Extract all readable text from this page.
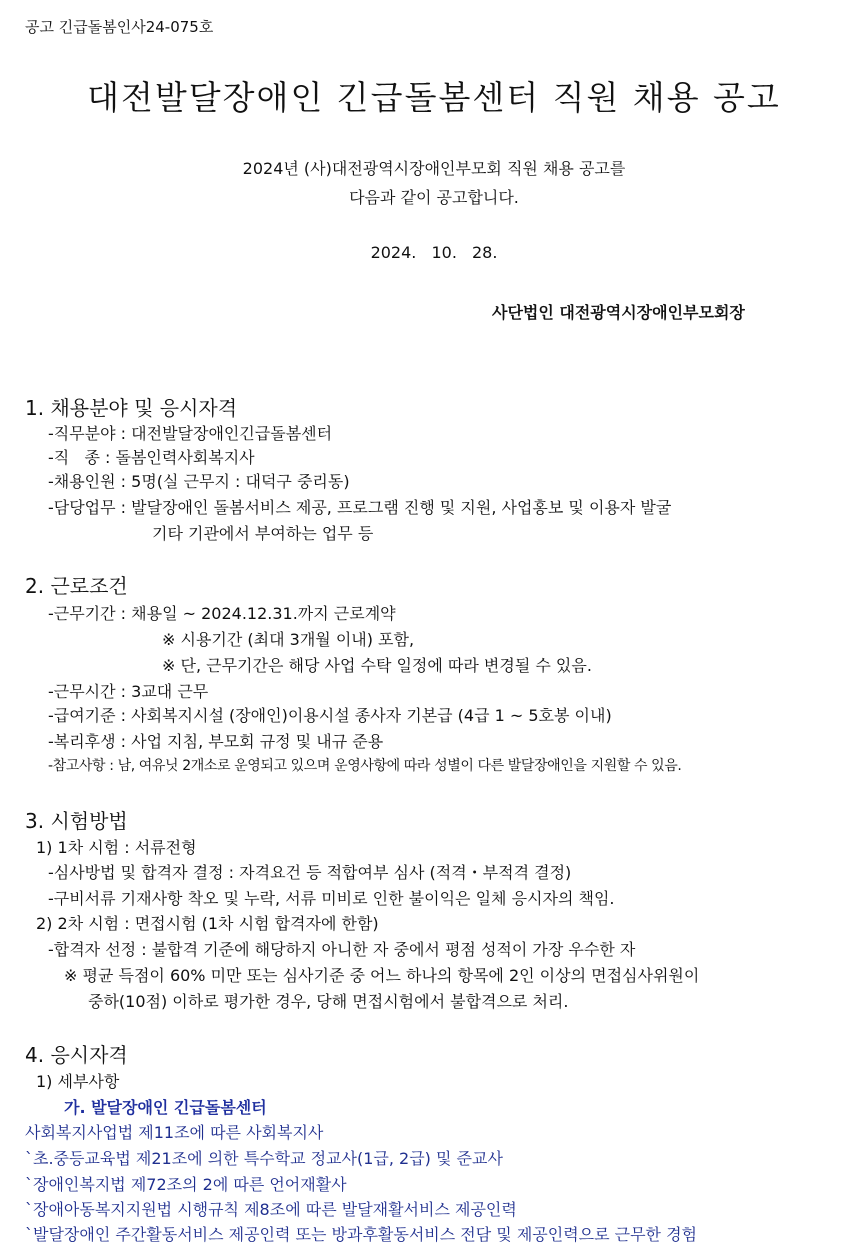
공고 긴급돌봄인사24-075호
대전발달장애인 긴급돌봄센터 직원 채용 공고
2024년 (사)대전광역시장애인부모회 직원 채용 공고를
다음과 같이 공고합니다.
2024. 10. 28.
사단법인 대전광역시장애인부모회장
1. 채용분야 및 응시자격
-직무분야 : 대전발달장애인긴급돌봄센터
-직   종 : 돌봄인력사회복지사
-채용인원 : 5명(실 근무지 : 대덕구 중리동)
-담당업무 : 발달장애인 돌봄서비스 제공, 프로그램 진행 및 지원, 사업홍보 및 이용자 발굴
기타 기관에서 부여하는 업무 등
2. 근로조건
-근무기간 : 채용일 ~ 2024.12.31.까지 근로계약
※ 시용기간 (최대 3개월 이내) 포함,
※ 단, 근무기간은 해당 사업 수탁 일정에 따라 변경될 수 있음.
-근무시간 : 3교대 근무
-급여기준 : 사회복지시설 (장애인)이용시설 종사자 기본급 (4급 1 ~ 5호봉 이내)
-복리후생 : 사업 지침, 부모회 규정 및 내규 준용
-참고사항 : 남, 여유닛 2개소로 운영되고 있으며 운영사항에 따라 성별이 다른 발달장애인을 지원할 수 있음.
3. 시험방법
1) 1차 시험 : 서류전형
-심사방법 및 합격자 결정 : 자격요건 등 적합여부 심사 (적격・부적격 결정)
-구비서류 기재사항 착오 및 누락, 서류 미비로 인한 불이익은 일체 응시자의 책임.
2) 2차 시험 : 면접시험 (1차 시험 합격자에 한함)
-합격자 선정 : 불합격 기준에 해당하지 아니한 자 중에서 평점 성적이 가장 우수한 자
※ 평균 득점이 60% 미만 또는 심사기준 중 어느 하나의 항목에 2인 이상의 면접심사위원이
중하(10점) 이하로 평가한 경우, 당해 면접시험에서 불합격으로 처리.
4. 응시자격
1) 세부사항
가. 발달장애인 긴급돌봄센터
사회복지사업법 제11조에 따른 사회복지사
`초.중등교육법 제21조에 의한 특수학교 정교사(1급, 2급) 및 준교사
`장애인복지법 제72조의 2에 따른 언어재활사
`장애아동복지지원법 시행규칙 제8조에 따른 발달재활서비스 제공인력
`발달장애인 주간활동서비스 제공인력 또는 방과후활동서비스 전담 및 제공인력으로 근무한 경험
